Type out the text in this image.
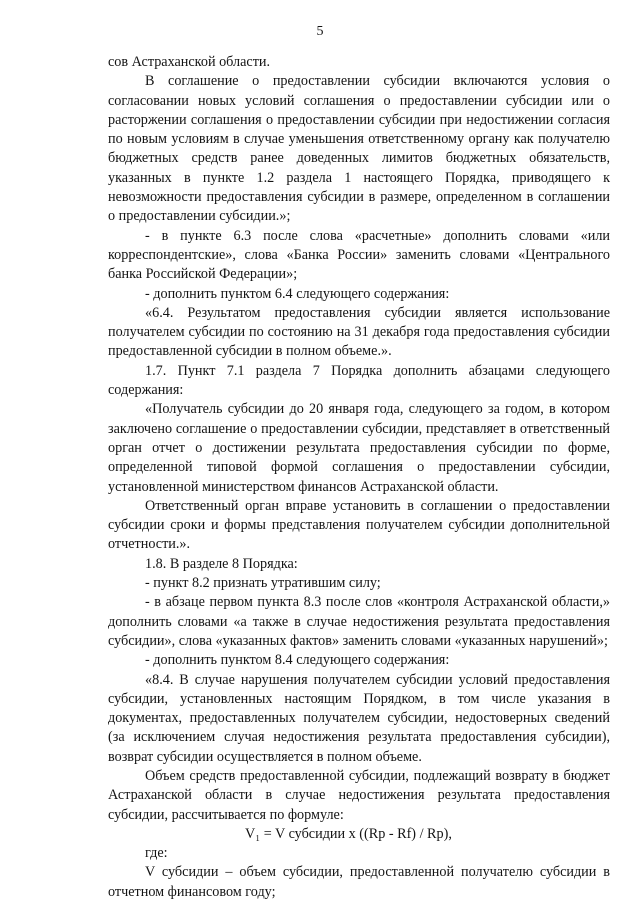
5

сов Астраханской области.

В соглашение о предоставлении субсидии включаются условия о согласовании новых условий соглашения о предоставлении субсидии или о расторжении соглашения о предоставлении субсидии при недостижении согласия по новым условиям в случае уменьшения ответственному органу как получателю бюджетных средств ранее доведенных лимитов бюджетных обязательств, указанных в пункте 1.2 раздела 1 настоящего Порядка, приводящего к невозможности предоставления субсидии в размере, определенном в соглашении о предоставлении субсидии.»;

- в пункте 6.3 после слова «расчетные» дополнить словами «или корреспондентские», слова «Банка России» заменить словами «Центрального банка Российской Федерации»;

- дополнить пунктом 6.4 следующего содержания:

«6.4. Результатом предоставления субсидии является использование получателем субсидии по состоянию на 31 декабря года предоставления субсидии предоставленной субсидии в полном объеме.».

1.7. Пункт 7.1 раздела 7 Порядка дополнить абзацами следующего содержания:

«Получатель субсидии до 20 января года, следующего за годом, в котором заключено соглашение о предоставлении субсидии, представляет в ответственный орган отчет о достижении результата предоставления субсидии по форме, определенной типовой формой соглашения о предоставлении субсидии, установленной министерством финансов Астраханской области.

Ответственный орган вправе установить в соглашении о предоставлении субсидии сроки и формы представления получателем субсидии дополнительной отчетности.».

1.8. В разделе 8 Порядка:

- пункт 8.2 признать утратившим силу;

- в абзаце первом пункта 8.3 после слов «контроля Астраханской области,» дополнить словами «а также в случае недостижения результата предоставления субсидии», слова «указанных фактов» заменить словами «указанных нарушений»;

- дополнить пунктом 8.4 следующего содержания:

«8.4. В случае нарушения получателем субсидии условий предоставления субсидии, установленных настоящим Порядком, в том числе указания в документах, предоставленных получателем субсидии, недостоверных сведений (за исключением случая недостижения результата предоставления субсидии), возврат субсидии осуществляется в полном объеме.

Объем средств предоставленной субсидии, подлежащий возврату в бюджет Астраханской области в случае недостижения результата предоставления субсидии, рассчитывается по формуле:

V₁ = V субсидии x ((Rp - Rf) / Rp),

где:

V субсидии – объем субсидии, предоставленной получателю субсидии в отчетном финансовом году;
